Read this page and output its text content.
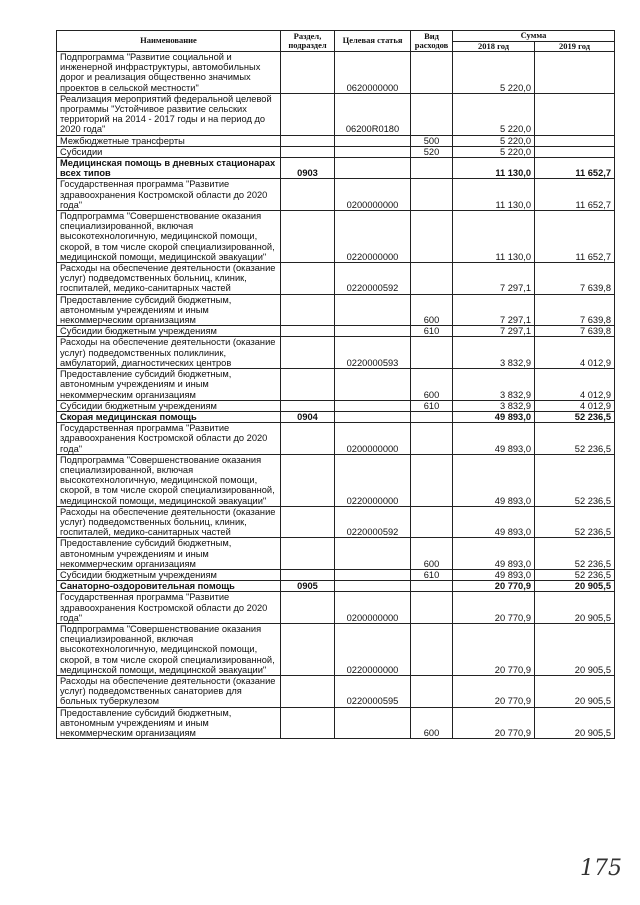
Наименование	Раздел, подраздел	Целевая статья	Вид расходов	Сумма	
				2018 год	2019 год
Подпрограмма "Развитие социальной и инженерной инфраструктуры, автомобильных дорог и реализация общественно значимых проектов в сельской местности"		0620000000		5 220,0	
Реализация мероприятий федеральной целевой программы "Устойчивое развитие сельских территорий на 2014 - 2017 годы и на период до 2020 года"		06200R0180		5 220,0	
Межбюджетные трансферты			500	5 220,0	
Субсидии			520	5 220,0	
Медицинская помощь в дневных стационарах всех типов	0903			11 130,0	11 652,7
Государственная программа "Развитие здравоохранения Костромской области до 2020 года"		0200000000		11 130,0	11 652,7
Подпрограмма "Совершенствование оказания специализированной, включая высокотехнологичную, медицинской помощи, скорой, в том числе скорой специализированной, медицинской помощи, медицинской эвакуации"		0220000000		11 130,0	11 652,7
Расходы на обеспечение деятельности (оказание услуг) подведомственных больниц, клиник, госпиталей, медико-санитарных частей		0220000592		7 297,1	7 639,8
Предоставление субсидий бюджетным, автономным учреждениям и иным некоммерческим организациям			600	7 297,1	7 639,8
Субсидии бюджетным учреждениям			610	7 297,1	7 639,8
Расходы на обеспечение деятельности (оказание услуг) подведомственных поликлиник, амбулаторий, диагностических центров		0220000593		3 832,9	4 012,9
Предоставление субсидий бюджетным, автономным учреждениям и иным некоммерческим организациям			600	3 832,9	4 012,9
Субсидии бюджетным учреждениям			610	3 832,9	4 012,9
Скорая медицинская помощь	0904			49 893,0	52 236,5
Государственная программа "Развитие здравоохранения Костромской области до 2020 года"		0200000000		49 893,0	52 236,5
Подпрограмма "Совершенствование оказания специализированной, включая высокотехнологичную, медицинской помощи, скорой, в том числе скорой специализированной, медицинской помощи, медицинской эвакуации"		0220000000		49 893,0	52 236,5
Расходы на обеспечение деятельности (оказание услуг) подведомственных больниц, клиник, госпиталей, медико-санитарных частей		0220000592		49 893,0	52 236,5
Предоставление субсидий бюджетным, автономным учреждениям и иным некоммерческим организациям			600	49 893,0	52 236,5
Субсидии бюджетным учреждениям			610	49 893,0	52 236,5
Санаторно-оздоровительная помощь	0905			20 770,9	20 905,5
Государственная программа "Развитие здравоохранения Костромской области до 2020 года"		0200000000		20 770,9	20 905,5
Подпрограмма "Совершенствование оказания специализированной, включая высокотехнологичную, медицинской помощи, скорой, в том числе скорой специализированной, медицинской помощи, медицинской эвакуации"		0220000000		20 770,9	20 905,5
Расходы на обеспечение деятельности (оказание услуг) подведомственных санаториев для больных туберкулезом		0220000595		20 770,9	20 905,5
Предоставление субсидий бюджетным, автономным учреждениям и иным некоммерческим организациям			600	20 770,9	20 905,5
175
